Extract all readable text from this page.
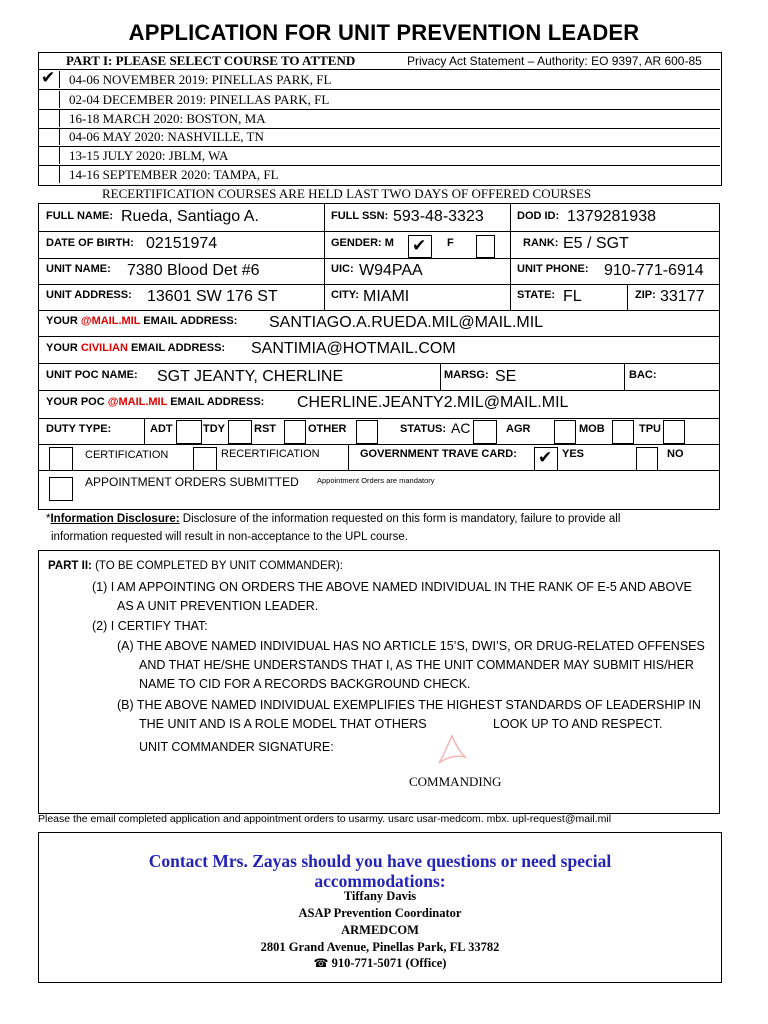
APPLICATION FOR UNIT PREVENTION LEADER
PART I: PLEASE SELECT COURSE TO ATTEND	Privacy Act Statement – Authority: EO 9397, AR 600-85
✔ 04-06 NOVEMBER 2019: PINELLAS PARK, FL
02-04 DECEMBER 2019: PINELLAS PARK, FL
16-18 MARCH 2020: BOSTON, MA
04-06 MAY 2020: NASHVILLE, TN
13-15 JULY 2020: JBLM, WA
14-16 SEPTEMBER 2020: TAMPA, FL
RECERTIFICATION COURSES ARE HELD LAST TWO DAYS OF OFFERED COURSES
FULL NAME: Rueda, Santiago A.	FULL SSN: 593-48-3323	DOD ID: 1379281938
DATE OF BIRTH: 02151974	GENDER: M ✔ F	RANK: E5 / SGT
UNIT NAME: 7380 Blood Det #6	UIC: W94PAA	UNIT PHONE: 910-771-6914
UNIT ADDRESS: 13601 SW 176 ST	CITY: MIAMI	STATE: FL	ZIP: 33177
YOUR @MAIL.MIL EMAIL ADDRESS: SANTIAGO.A.RUEDA.MIL@MAIL.MIL
YOUR CIVILIAN EMAIL ADDRESS: SANTIMIA@HOTMAIL.COM
UNIT POC NAME: SGT JEANTY, CHERLINE	MARSG: SE	BAC:
YOUR POC @MAIL.MIL EMAIL ADDRESS: CHERLINE.JEANTY2.MIL@MAIL.MIL
DUTY TYPE:	ADT	TDY	RST	OTHER	STATUS: AC	AGR	MOB	TPU
CERTIFICATION	RECERTIFICATION	GOVERNMENT TRAVE CARD: ✔ YES	NO
APPOINTMENT ORDERS SUBMITTED Appointment Orders are mandatory
*Information Disclosure: Disclosure of the information requested on this form is mandatory, failure to provide all
information requested will result in non-acceptance to the UPL course.
PART II: (TO BE COMPLETED BY UNIT COMMANDER):
(1) I AM APPOINTING ON ORDERS THE ABOVE NAMED INDIVIDUAL IN THE RANK OF E-5 AND ABOVE
AS A UNIT PREVENTION LEADER.
(2) I CERTIFY THAT:
(A) THE ABOVE NAMED INDIVIDUAL HAS NO ARTICLE 15’S, DWI’S, OR DRUG-RELATED OFFENSES
AND THAT HE/SHE UNDERSTANDS THAT I, AS THE UNIT COMMANDER MAY SUBMIT HIS/HER
NAME TO CID FOR A RECORDS BACKGROUND CHECK.
(B) THE ABOVE NAMED INDIVIDUAL EXEMPLIFIES THE HIGHEST STANDARDS OF LEADERSHIP IN
THE UNIT AND IS A ROLE MODEL THAT OTHERS	LOOK UP TO AND RESPECT.
UNIT COMMANDER SIGNATURE:
COMMANDING
Please the email completed application and appointment orders to usarmy. usarc usar-medcom. mbx. upl-request@mail.mil
Contact Mrs. Zayas should you have questions or need special
accommodations:
Tiffany Davis
ASAP Prevention Coordinator
ARMEDCOM
2801 Grand Avenue, Pinellas Park, FL 33782
☎ 910-771-5071 (Office)
